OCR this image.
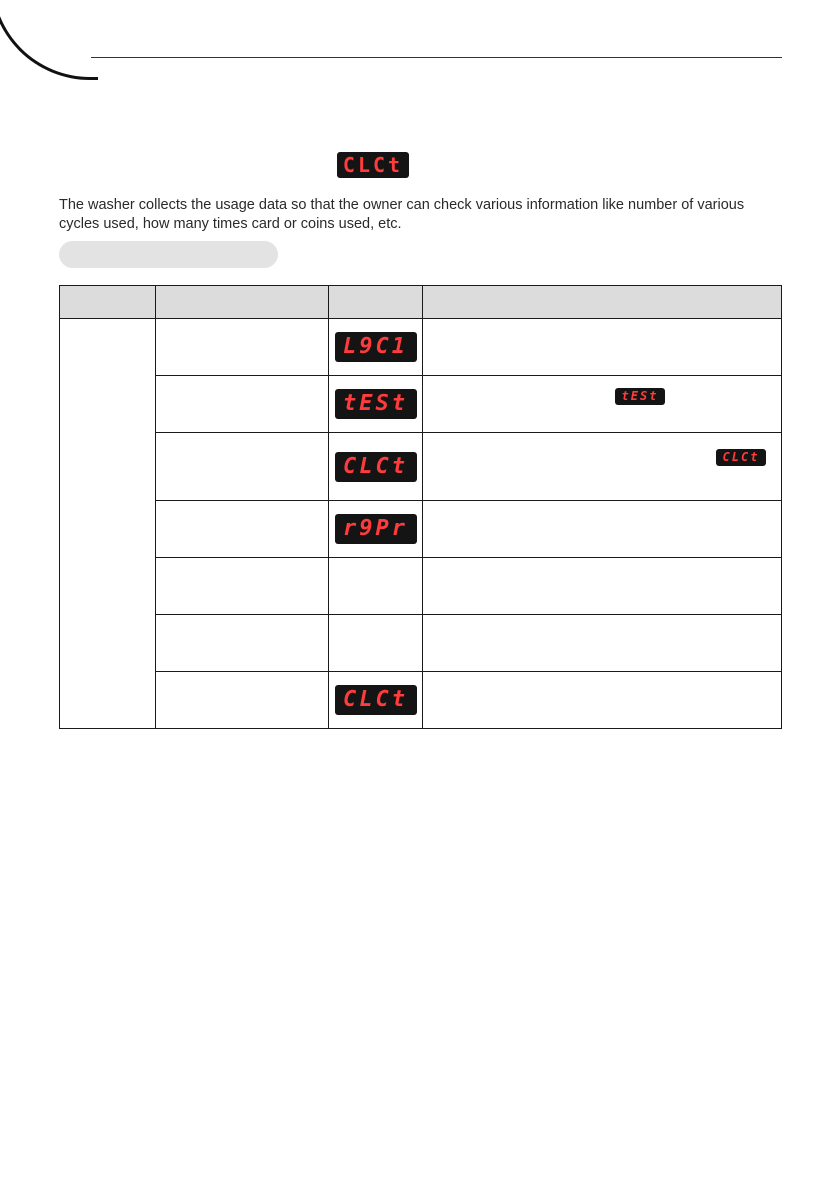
CLCt

The washer collects the usage data so that the owner can check various information like number of various cycles used, how many times card or coins used, etc.

		L9C1	
		tESt	tESt

		CLCt	CLCt

		r9Pr	

		CLCt	
